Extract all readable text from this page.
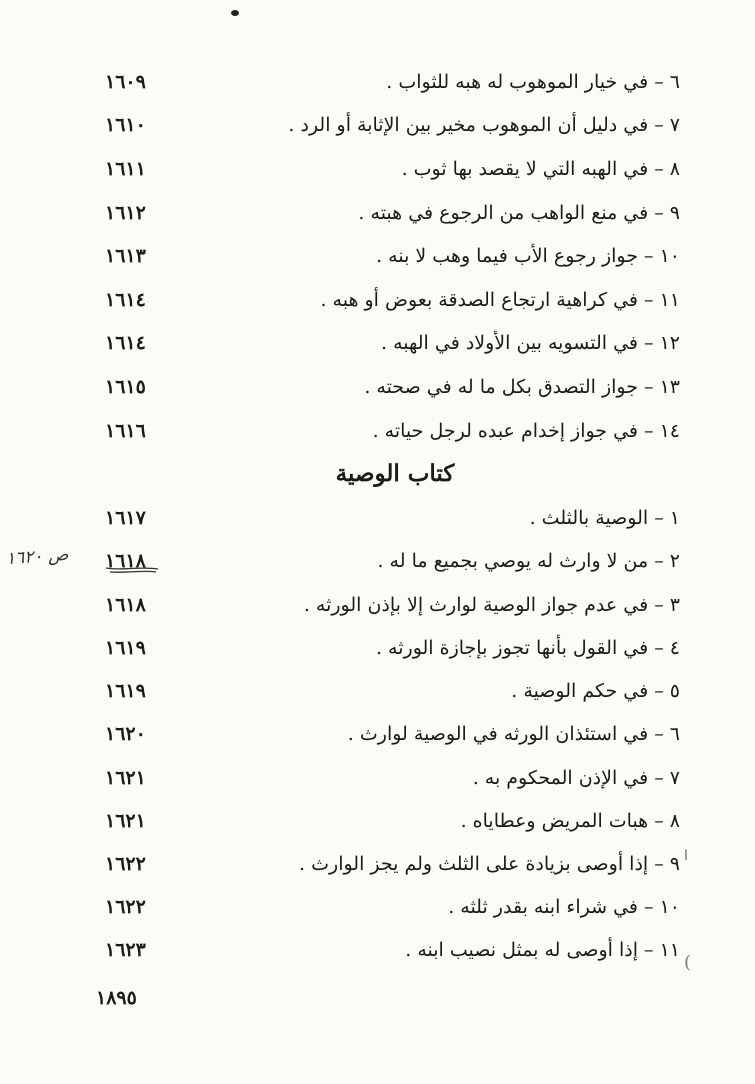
٦ – في خيار الموهوب له هبه للثواب .
١٦٠٩
٧ – في دليل أن الموهوب مخير بين الإثابة أو الرد .
١٦١٠
٨ – في الهبه التي لا يقصد بها ثوب .
١٦١١
٩ – في منع الواهب من الرجوع في هبته .
١٦١٢
١٠ – جواز رجوع الأب فيما وهب لا بنه .
١٦١٣
١١ – في كراهية ارتجاع الصدقة بعوض أو هبه .
١٦١٤
١٢ – في التسويه بين الأولاد في الهبه .
١٦١٤
١٣ – جواز التصدق بكل ما له في صحته .
١٦١٥
١٤ – في جواز إخدام عبده لرجل حياته .
١٦١٦
كتاب الوصية
١ – الوصية بالثلث .
١٦١٧
٢ – من لا وارث له يوصي بجميع ما له .
١٦١٨
٣ – في عدم جواز الوصية لوارث إلا بإذن الورثه .
١٦١٨
٤ – في القول بأنها تجوز بإجازة الورثه .
١٦١٩
٥ – في حكم الوصية .
١٦١٩
٦ – في استئذان الورثه في الوصية لوارث .
١٦٢٠
٧ – في الإذن المحكوم به .
١٦٢١
٨ – هبات المريض وعطاياه .
١٦٢١
٩ – إذا أوصى بزيادة على الثلث ولم يجز الوارث .
١٦٢٢
١٠ – في شراء ابنه بقدر ثلثه .
١٦٢٢
١١ – إذا أوصى له بمثل نصيب ابنه .
١٦٢٣
ص ١٦٢٠
ا
(
١٨٩٥
